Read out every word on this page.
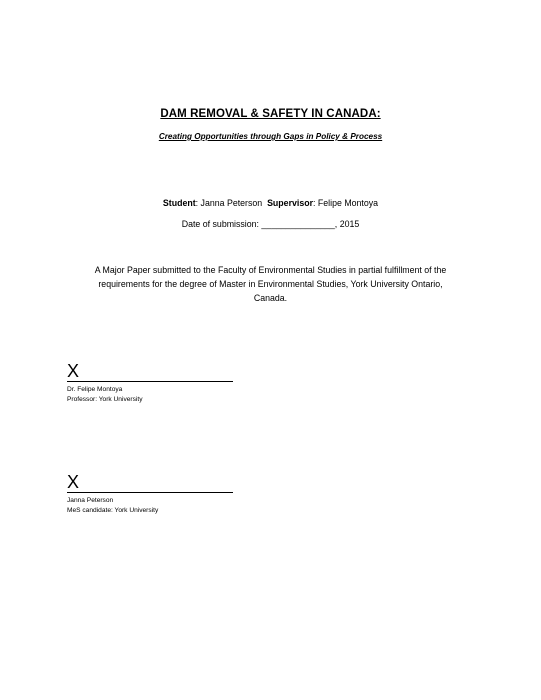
DAM REMOVAL & SAFETY IN CANADA:
Creating Opportunities through Gaps in Policy & Process
Student: Janna Peterson Supervisor: Felipe Montoya
Date of submission: _______________, 2015
A Major Paper submitted to the Faculty of Environmental Studies in partial fulfillment of the
requirements for the degree of Master in Environmental Studies, York University Ontario,
Canada.
X
Dr. Felipe Montoya
Professor: York University
X
Janna Peterson
MeS candidate: York University
